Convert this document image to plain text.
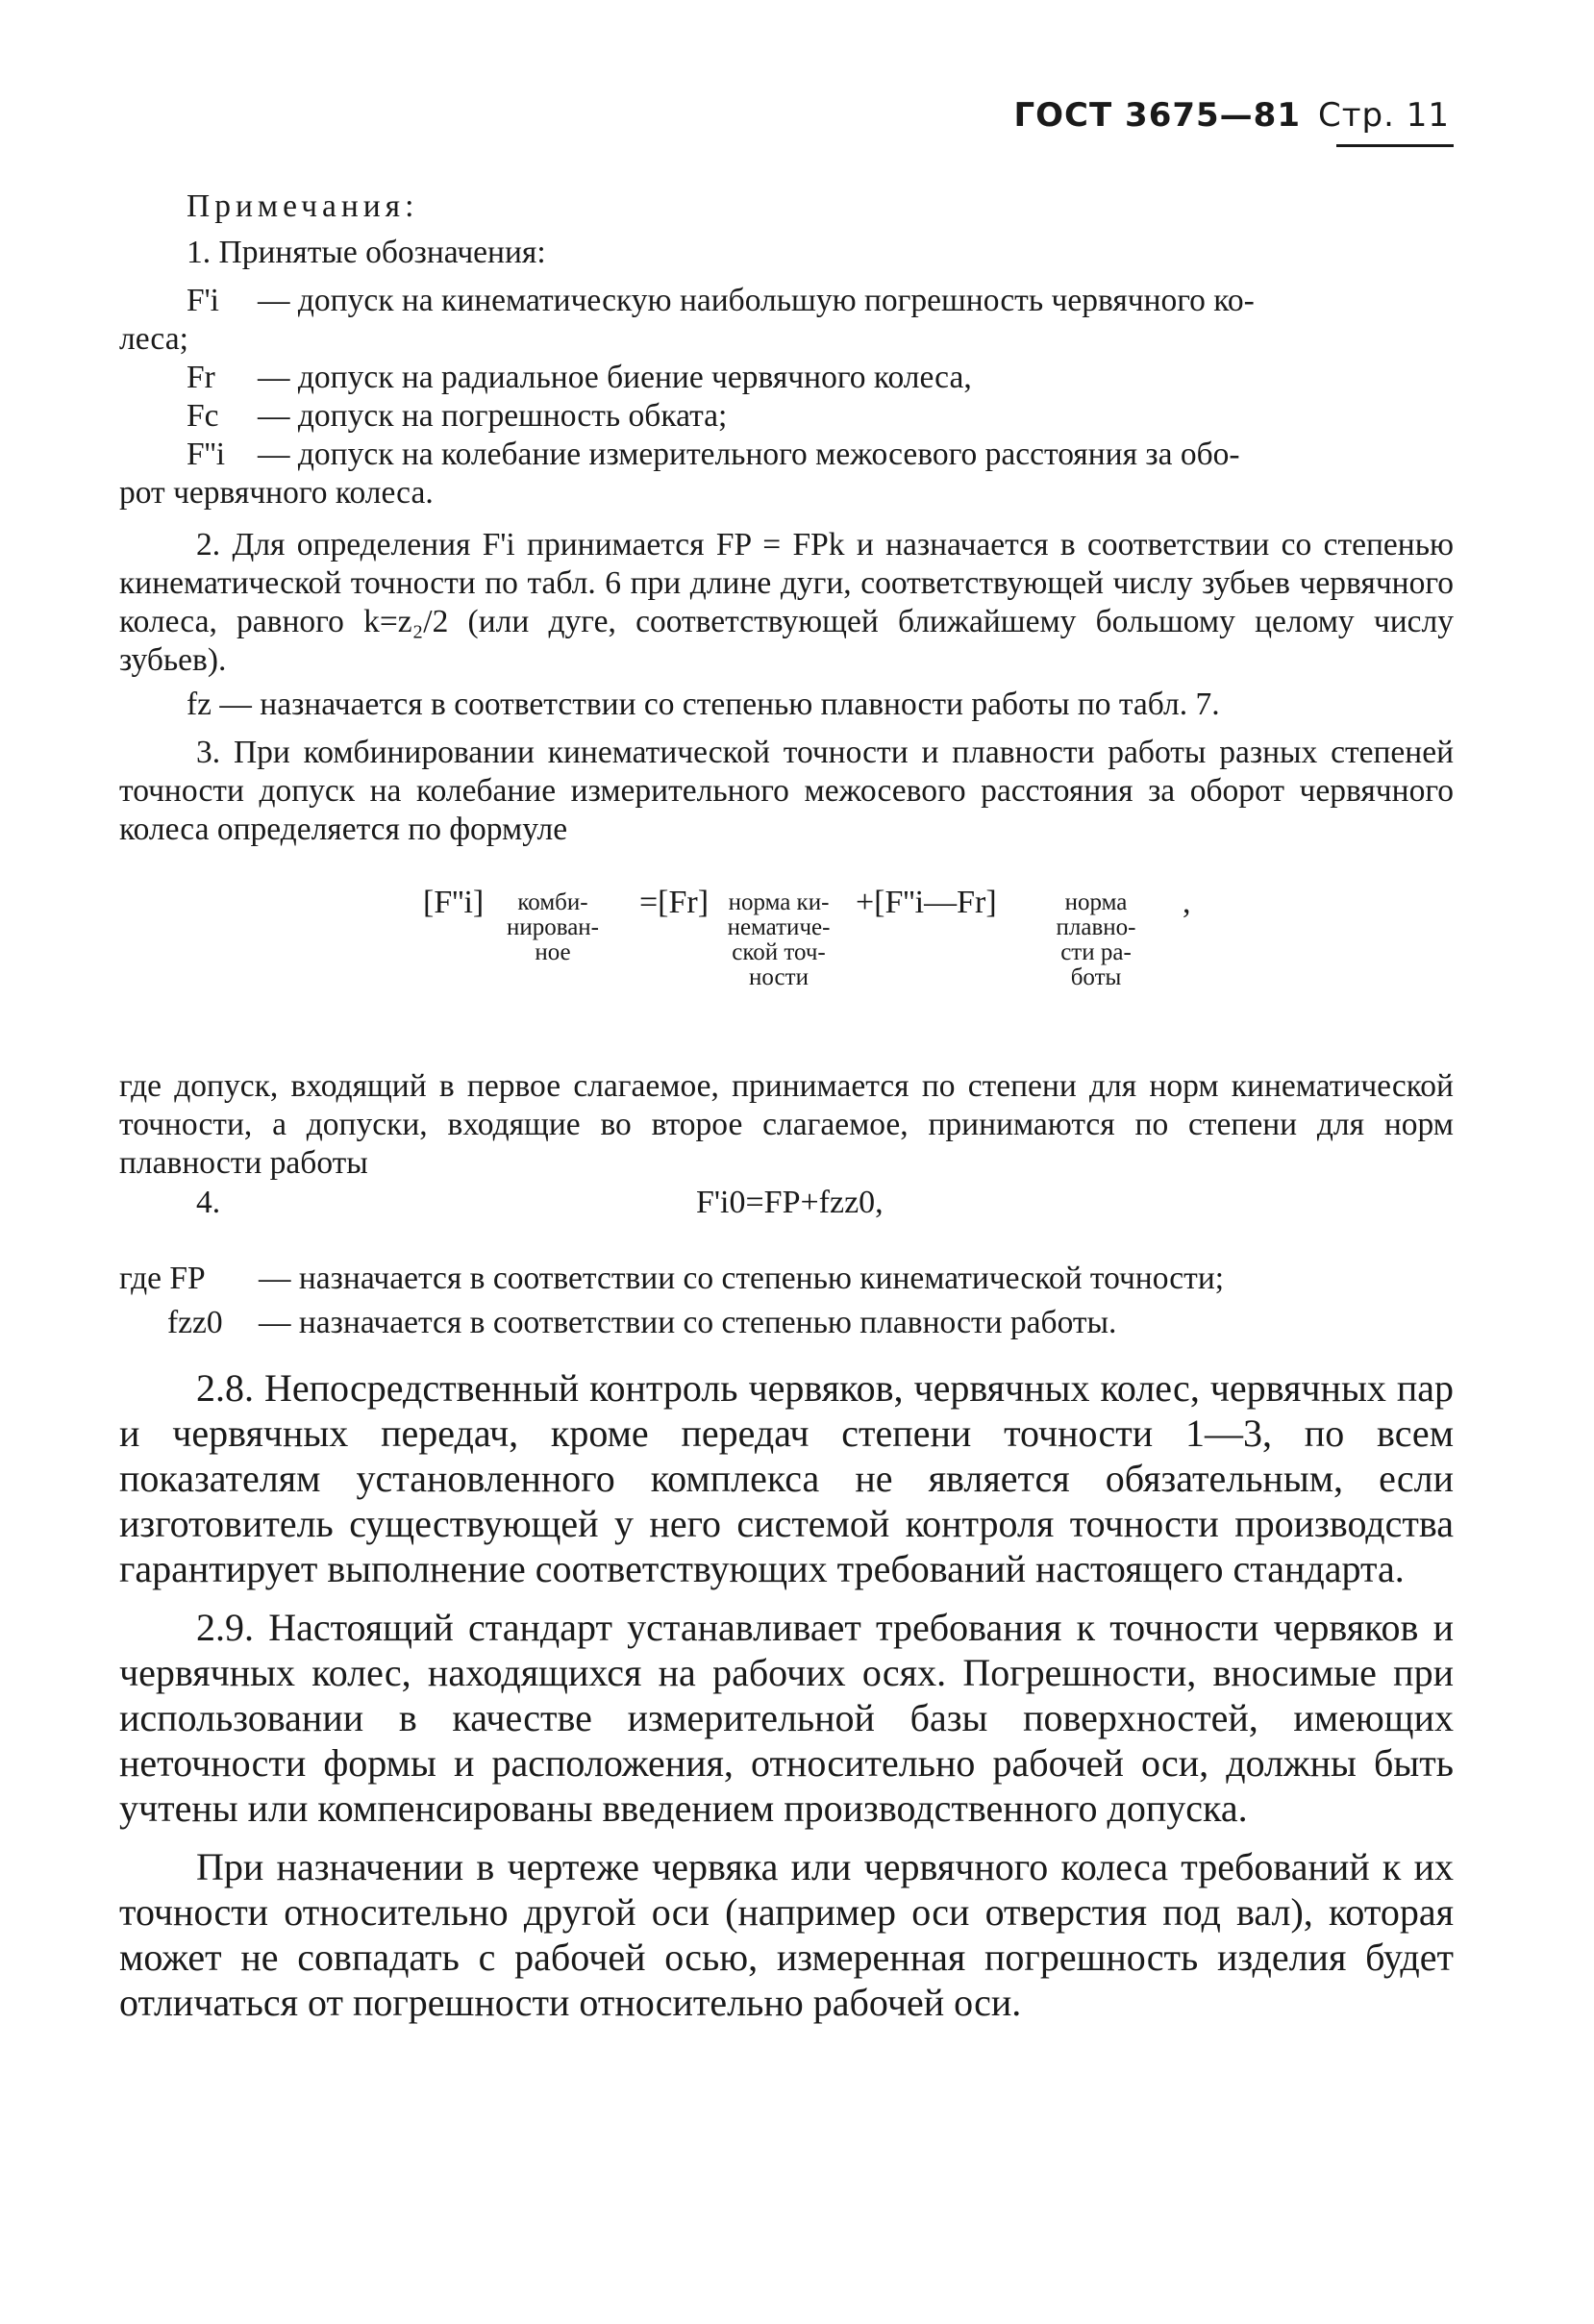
ГОСТ 3675—81 Стр. 11

Примечания:

1. Принятые обозначения:

F'i	— допуск на кинематическую наибольшую погрешность червячного ко-

леса;

Fr	— допуск на радиальное биение червячного колеса,
Fc	— допуск на погрешность обката;
F''i	— допуск на колебание измерительного межосевого расстояния за обо-

рот червячного колеса.

2. Для определения F'i принимается FP = FPk и назначается в соответствии со степенью кинематической точности по табл. 6 при длине дуги, соответствующей числу зубьев червячного колеса, равного k=z₂/2 (или дуге, соответствующей ближайшему большому целому числу зубьев).

fz — назначается в соответствии со степенью плавности работы по табл. 7.

3. При комбинировании кинематической точности и плавности работы разных степеней точности допуск на колебание измерительного межосевого расстояния за оборот червячного колеса определяется по формуле

[F''i]	комби-
нирован-
ное
=[Fr] норма ки-
нематиче-
ской точ-
ности
+[F''i—Fr]	норма
плавно-
сти ра-
боты
,

где допуск, входящий в первое слагаемое, принимается по степени для норм кинематической точности, а допуски, входящие во второе слагаемое, принимаются по степени для норм плавности работы

4.	F'i0=FP+fzz0,
где FP	— назначается в соответствии со степенью кинематической точности;
fzz0	— назначается в соответствии со степенью плавности работы.

2.8. Непосредственный контроль червяков, червячных колес, червячных пар и червячных передач, кроме передач степени точности 1—3, по всем показателям установленного комплекса не является обязательным, если изготовитель существующей у него системой контроля точности производства гарантирует выполнение соответствующих требований настоящего стандарта.

2.9. Настоящий стандарт устанавливает требования к точности червяков и червячных колес, находящихся на рабочих осях. Погрешности, вносимые при использовании в качестве измерительной базы поверхностей, имеющих неточности формы и расположения, относительно рабочей оси, должны быть учтены или компенсированы введением производственного допуска.

При назначении в чертеже червяка или червячного колеса требований к их точности относительно другой оси (например оси отверстия под вал), которая может не совпадать с рабочей осью, измеренная погрешность изделия будет отличаться от погрешности относительно рабочей оси.
